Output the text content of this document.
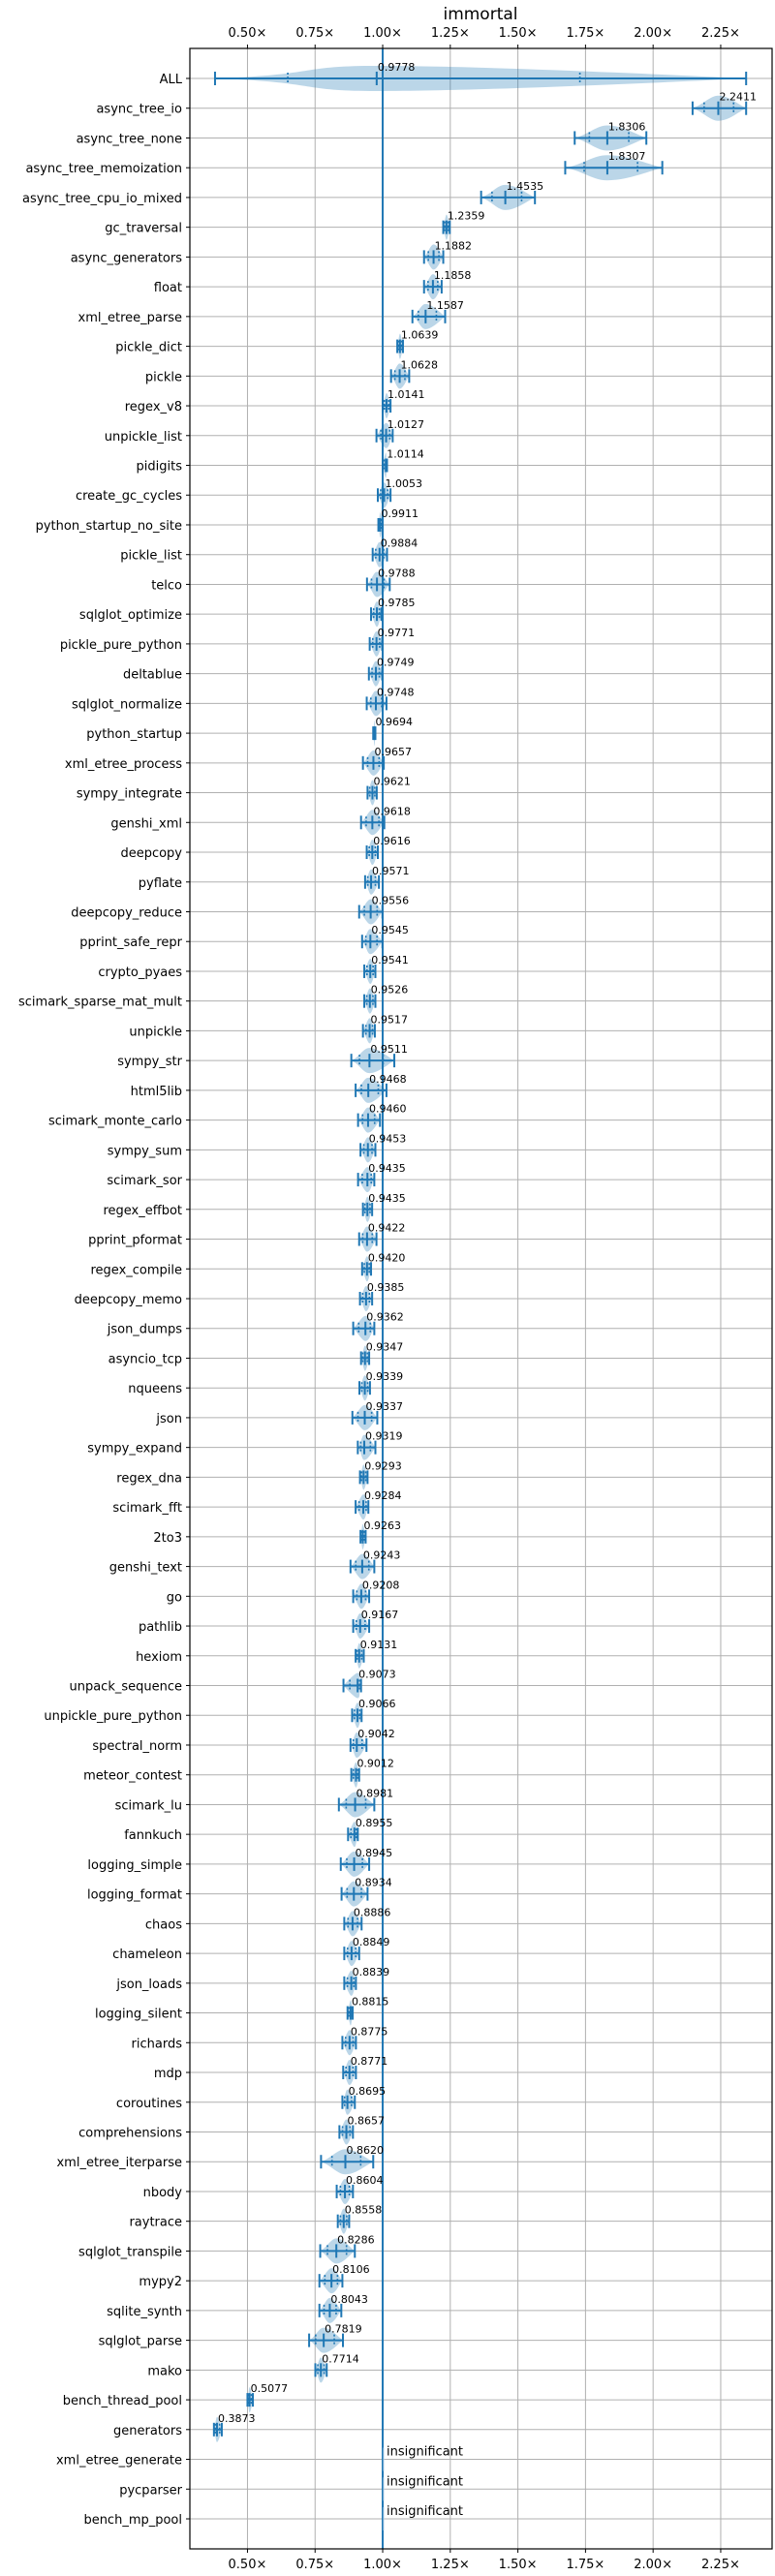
immortal
0.9778
2.2411
1.8306
1.8307
1.4535
1.2359
1.1882
1.1858
1.1587
1.0639
1.0628
1.0141
1.0127
1.0114
1.0053
0.9911
0.9884
0.9788
0.9785
0.9771
0.9749
0.9748
0.9694
0.9657
0.9621
0.9618
0.9616
0.9571
0.9556
0.9545
0.9541
0.9526
0.9517
0.9511
0.9468
0.9460
0.9453
0.9435
0.9435
0.9422
0.9420
0.9385
0.9362
0.9347
0.9339
0.9337
0.9319
0.9293
0.9284
0.9263
0.9243
0.9208
0.9167
0.9131
0.9073
0.9066
0.9042
0.9012
0.8981
0.8955
0.8945
0.8934
0.8886
0.8849
0.8839
0.8815
0.8775
0.8771
0.8695
0.8657
0.8620
0.8604
0.8558
0.8286
0.8106
0.8043
0.7819
0.7714
0.5077
0.3873
insignificant
insignificant
insignificant
ALL
async_tree_io
async_tree_none
async_tree_memoization
async_tree_cpu_io_mixed
gc_traversal
async_generators
float
xml_etree_parse
pickle_dict
pickle
regex_v8
unpickle_list
pidigits
create_gc_cycles
python_startup_no_site
pickle_list
telco
sqlglot_optimize
pickle_pure_python
deltablue
sqlglot_normalize
python_startup
xml_etree_process
sympy_integrate
genshi_xml
deepcopy
pyflate
deepcopy_reduce
pprint_safe_repr
crypto_pyaes
scimark_sparse_mat_mult
unpickle
sympy_str
html5lib
scimark_monte_carlo
sympy_sum
scimark_sor
regex_effbot
pprint_pformat
regex_compile
deepcopy_memo
json_dumps
asyncio_tcp
nqueens
json
sympy_expand
regex_dna
scimark_fft
2to3
genshi_text
go
pathlib
hexiom
unpack_sequence
unpickle_pure_python
spectral_norm
meteor_contest
scimark_lu
fannkuch
logging_simple
logging_format
chaos
chameleon
json_loads
logging_silent
richards
mdp
coroutines
comprehensions
xml_etree_iterparse
nbody
raytrace
sqlglot_transpile
mypy2
sqlite_synth
sqlglot_parse
mako
bench_thread_pool
generators
xml_etree_generate
pycparser
bench_mp_pool
0.50×
0.50×
0.75×
0.75×
1.00×
1.00×
1.25×
1.25×
1.50×
1.50×
1.75×
1.75×
2.00×
2.00×
2.25×
2.25×
